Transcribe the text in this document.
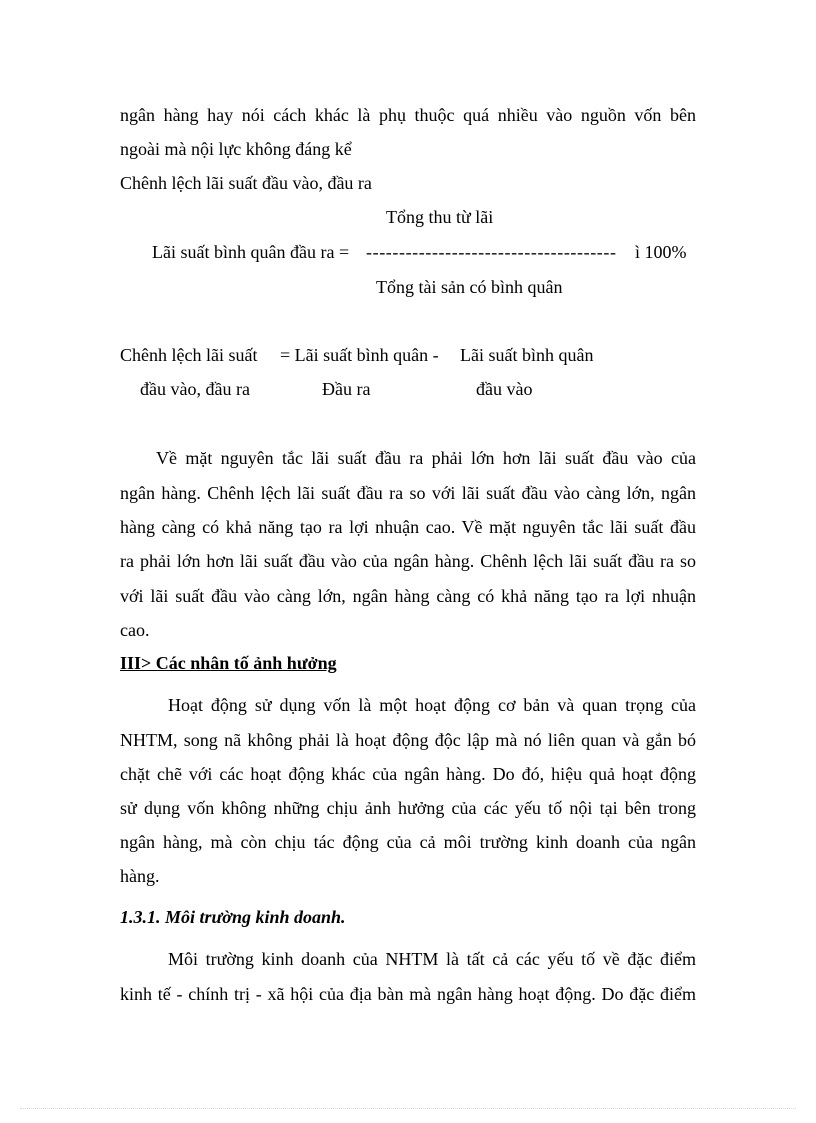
ngân hàng hay nói cách khác là phụ thuộc quá nhiều vào nguồn vốn bên
ngoài mà nội lực không đáng kể
Chênh lệch lãi suất đầu vào, đầu ra
Tổng thu từ lãi
Lãi suất bình quân đầu ra = -------------------------------------- ì 100%
Tổng tài sản có bình quân
Chênh lệch lãi suất = Lãi suất bình quân - Lãi suất bình quân
đầu vào, đầu ra	Đầu ra	đầu vào
Về mặt nguyên tắc lãi suất đầu ra phải lớn hơn lãi suất đầu vào của
ngân hàng. Chênh lệch lãi suất đầu ra so với lãi suất đầu vào càng lớn, ngân
hàng càng có khả năng tạo ra lợi nhuận cao. Về mặt nguyên tắc lãi suất đầu
ra phải lớn hơn lãi suất đầu vào của ngân hàng. Chênh lệch lãi suất đầu ra so
với lãi suất đầu vào càng lớn, ngân hàng càng có khả năng tạo ra lợi nhuận
cao.
III> Các nhân tố ảnh hưởng
Hoạt động sử dụng vốn là một hoạt động cơ bản và quan trọng của
NHTM, song nã không phải là hoạt động độc lập mà nó liên quan và gắn bó
chặt chẽ với các hoạt động khác của ngân hàng. Do đó, hiệu quả hoạt động
sử dụng vốn không những chịu ảnh hưởng của các yếu tố nội tại bên trong
ngân hàng, mà còn chịu tác động của cả môi trường kinh doanh của ngân
hàng.
1.3.1. Môi trường kinh doanh.
Môi trường kinh doanh của NHTM là tất cả các yếu tố về đặc điểm
kinh tế - chính trị - xã hội của địa bàn mà ngân hàng hoạt động. Do đặc điểm
